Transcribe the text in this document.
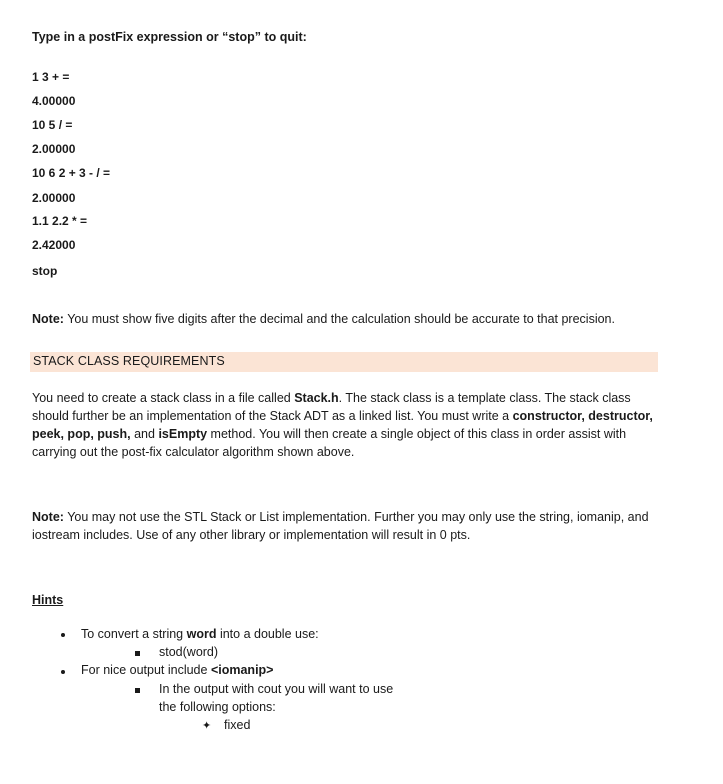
Type in a postFix expression or “stop” to quit:
1 3 + =
4.00000
10 5 / =
2.00000
10 6 2 + 3 - / =
2.00000
1.1 2.2 * =
2.42000
stop
Note: You must show five digits after the decimal and the calculation should be accurate to that precision.
STACK CLASS REQUIREMENTS
You need to create a stack class in a file called Stack.h. The stack class is a template class. The stack class should further be an implementation of the Stack ADT as a linked list. You must write a constructor, destructor, peek, pop, push, and isEmpty method. You will then create a single object of this class in order assist with carrying out the post-fix calculator algorithm shown above.
Note: You may not use the STL Stack or List implementation. Further you may only use the string, iomanip, and iostream includes. Use of any other library or implementation will result in 0 pts.
Hints
To convert a string word into a double use:
stod(word)
For nice output include <iomanip>
In the output with cout you will want to use
the following options:
✦ fixed
